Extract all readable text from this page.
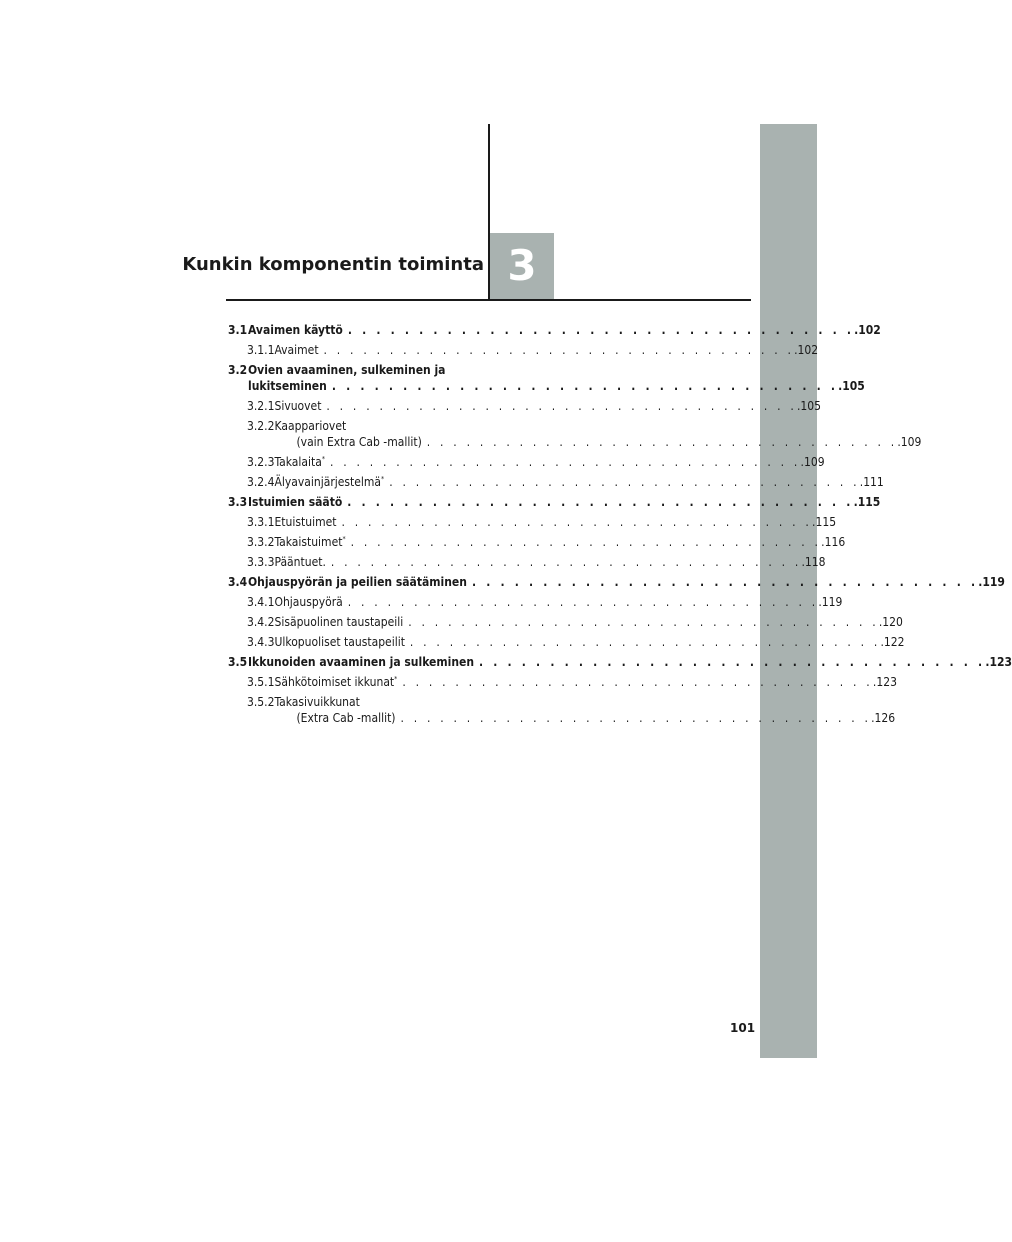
Kunkin komponentin toiminta 3
3.1 Avaimen käyttö . . . . . . . . . . . . . . . . . . . . . . . . . . . . . . . . . . . . .102
3.1.1 Avaimet . . . . . . . . . . . . . . . . . . . . . . . . . . . . . . . . . . . . .102
3.2 Ovien avaaminen, sulkeminen ja
lukitseminen . . . . . . . . . . . . . . . . . . . . . . . . . . . . . . . . . . . . .105
3.2.1 Sivuovet . . . . . . . . . . . . . . . . . . . . . . . . . . . . . . . . . . . . .105
3.2.2 Kaappariovet
(vain Extra Cab -mallit) . . . . . . . . . . . . . . . . . . . . . . . . . . . . . . . . . . . . .109
3.2.3 Takalaita* . . . . . . . . . . . . . . . . . . . . . . . . . . . . . . . . . . . . .109
3.2.4 Älyavainjärjestelmä* . . . . . . . . . . . . . . . . . . . . . . . . . . . . . . . . . . . . .111
3.3 Istuimien säätö . . . . . . . . . . . . . . . . . . . . . . . . . . . . . . . . . . . . .115
3.3.1 Etuistuimet . . . . . . . . . . . . . . . . . . . . . . . . . . . . . . . . . . . . .115
3.3.2 Takaistuimet* . . . . . . . . . . . . . . . . . . . . . . . . . . . . . . . . . . . . .116
3.3.3 Pääntuet. . . . . . . . . . . . . . . . . . . . . . . . . . . . . . . . . . . . . .118
3.4 Ohjauspyörän ja peilien säätäminen . . . . . . . . . . . . . . . . . . . . . . . . . . . . . . . . . . . . .119
3.4.1 Ohjauspyörä . . . . . . . . . . . . . . . . . . . . . . . . . . . . . . . . . . . . .119
3.4.2 Sisäpuolinen taustapeili . . . . . . . . . . . . . . . . . . . . . . . . . . . . . . . . . . . . .120
3.4.3 Ulkopuoliset taustapeilit . . . . . . . . . . . . . . . . . . . . . . . . . . . . . . . . . . . . .122
3.5 Ikkunoiden avaaminen ja sulkeminen . . . . . . . . . . . . . . . . . . . . . . . . . . . . . . . . . . . . .123
3.5.1 Sähkötoimiset ikkunat* . . . . . . . . . . . . . . . . . . . . . . . . . . . . . . . . . . . . .123
3.5.2 Takasivuikkunat
(Extra Cab -mallit) . . . . . . . . . . . . . . . . . . . . . . . . . . . . . . . . . . . . .126
101
